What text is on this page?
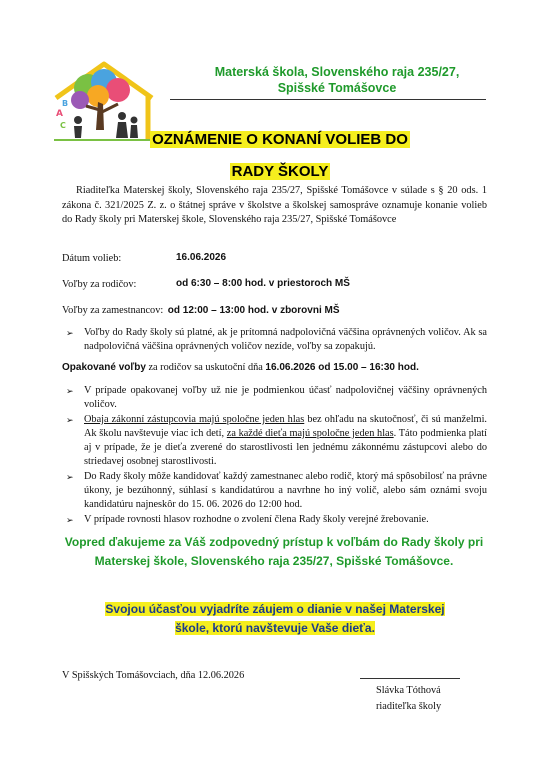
A
B
C
Materská škola, Slovenského raja 235/27,
Spišské Tomášovce
OZNÁMENIE O KONANÍ VOLIEB DO
RADY ŠKOLY

Riaditeľka Materskej školy, Slovenského raja 235/27, Spišské Tomášovce v súlade s § 20 ods. 1 zákona č. 321/2025 Z. z. o štátnej správe v školstve a školskej samospráve oznamuje konanie volieb do Rady školy pri Materskej škole, Slovenského raja 235/27, Spišské Tomášovce

Dátum volieb:	16.06.2026
Voľby za rodičov:	od 6:30 – 8:00 hod. v priestoroch MŠ
Voľby za zamestnancov: od 12:00 – 13:00 hod. v zborovni MŠ
➢ Voľby do Rady školy sú platné, ak je prítomná nadpolovičná väčšina oprávnených voličov. Ak sa nadpolovičná väčšina oprávnených voličov nezíde, voľby sa zopakujú.
Opakované voľby za rodičov sa uskutoční dňa 16.06.2026 od 15.00 – 16:30 hod.
➢ V prípade opakovanej voľby už nie je podmienkou účasť nadpolovičnej väčšiny oprávnených voličov.
➢ Obaja zákonní zástupcovia majú spoločne jeden hlas bez ohľadu na skutočnosť, či sú manželmi. Ak školu navštevuje viac ich detí, za každé dieťa majú spoločne jeden hlas. Táto podmienka platí aj v prípade, že je dieťa zverené do starostlivosti len jednému zákonnému zástupcovi alebo do striedavej osobnej starostlivosti.
➢ Do Rady školy môže kandidovať každý zamestnanec alebo rodič, ktorý má spôsobilosť na právne úkony, je bezúhonný, súhlasí s kandidatúrou a navrhne ho iný volič, alebo sám oznámi svoju kandidatúru najneskôr do 15. 06. 2026 do 12:00 hod.
➢ V prípade rovnosti hlasov rozhodne o zvolení člena Rady školy verejné žrebovanie.

Vopred ďakujeme za Váš zodpovedný prístup k voľbám do Rady školy pri Materskej škole, Slovenského raja 235/27, Spišské Tomášovce.

Svojou účasťou vyjadríte záujem o dianie v našej Materskej
škole, ktorú navštevuje Vaše dieťa.
V Spišských Tomášovciach, dňa 12.06.2026
Slávka Tóthová
riaditeľka školy
